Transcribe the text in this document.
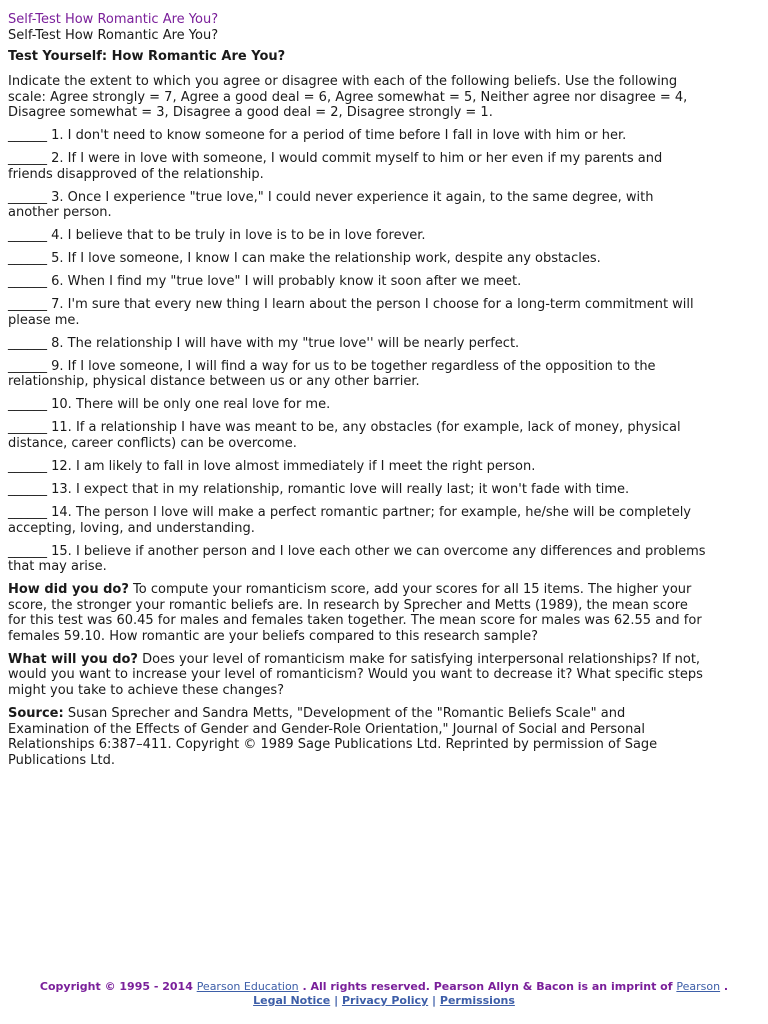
Self-Test How Romantic Are You?

Self-Test How Romantic Are You?

Test Yourself: How Romantic Are You?

Indicate the extent to which you agree or disagree with each of the following beliefs. Use the following scale: Agree strongly = 7, Agree a good deal = 6, Agree somewhat = 5, Neither agree nor disagree = 4, Disagree somewhat = 3, Disagree a good deal = 2, Disagree strongly = 1.

______ 1. I don't need to know someone for a period of time before I fall in love with him or her.

______ 2. If I were in love with someone, I would commit myself to him or her even if my parents and friends disapproved of the relationship.

______ 3. Once I experience "true love," I could never experience it again, to the same degree, with another person.

______ 4. I believe that to be truly in love is to be in love forever.

______ 5. If I love someone, I know I can make the relationship work, despite any obstacles.

______ 6. When I find my "true love" I will probably know it soon after we meet.

______ 7. I'm sure that every new thing I learn about the person I choose for a long-term commitment will please me.

______ 8. The relationship I will have with my "true love'' will be nearly perfect.

______ 9. If I love someone, I will find a way for us to be together regardless of the opposition to the relationship, physical distance between us or any other barrier.

______ 10. There will be only one real love for me.

______ 11. If a relationship I have was meant to be, any obstacles (for example, lack of money, physical distance, career conflicts) can be overcome.

______ 12. I am likely to fall in love almost immediately if I meet the right person.

______ 13. I expect that in my relationship, romantic love will really last; it won't fade with time.

______ 14. The person I love will make a perfect romantic partner; for example, he/she will be completely accepting, loving, and understanding.

______ 15. I believe if another person and I love each other we can overcome any differences and problems that may arise.

How did you do? To compute your romanticism score, add your scores for all 15 items. The higher your score, the stronger your romantic beliefs are. In research by Sprecher and Metts (1989), the mean score for this test was 60.45 for males and females taken together. The mean score for males was 62.55 and for females 59.10. How romantic are your beliefs compared to this research sample?

What will you do? Does your level of romanticism make for satisfying interpersonal relationships? If not, would you want to increase your level of romanticism? Would you want to decrease it? What specific steps might you take to achieve these changes?

Source: Susan Sprecher and Sandra Metts, "Development of the "Romantic Beliefs Scale" and Examination of the Effects of Gender and Gender-Role Orientation," Journal of Social and Personal Relationships 6:387–411. Copyright © 1989 Sage Publications Ltd. Reprinted by permission of Sage Publications Ltd.

Copyright © 1995 - 2014 Pearson Education . All rights reserved. Pearson Allyn & Bacon is an imprint of Pearson .
Legal Notice | Privacy Policy | Permissions
